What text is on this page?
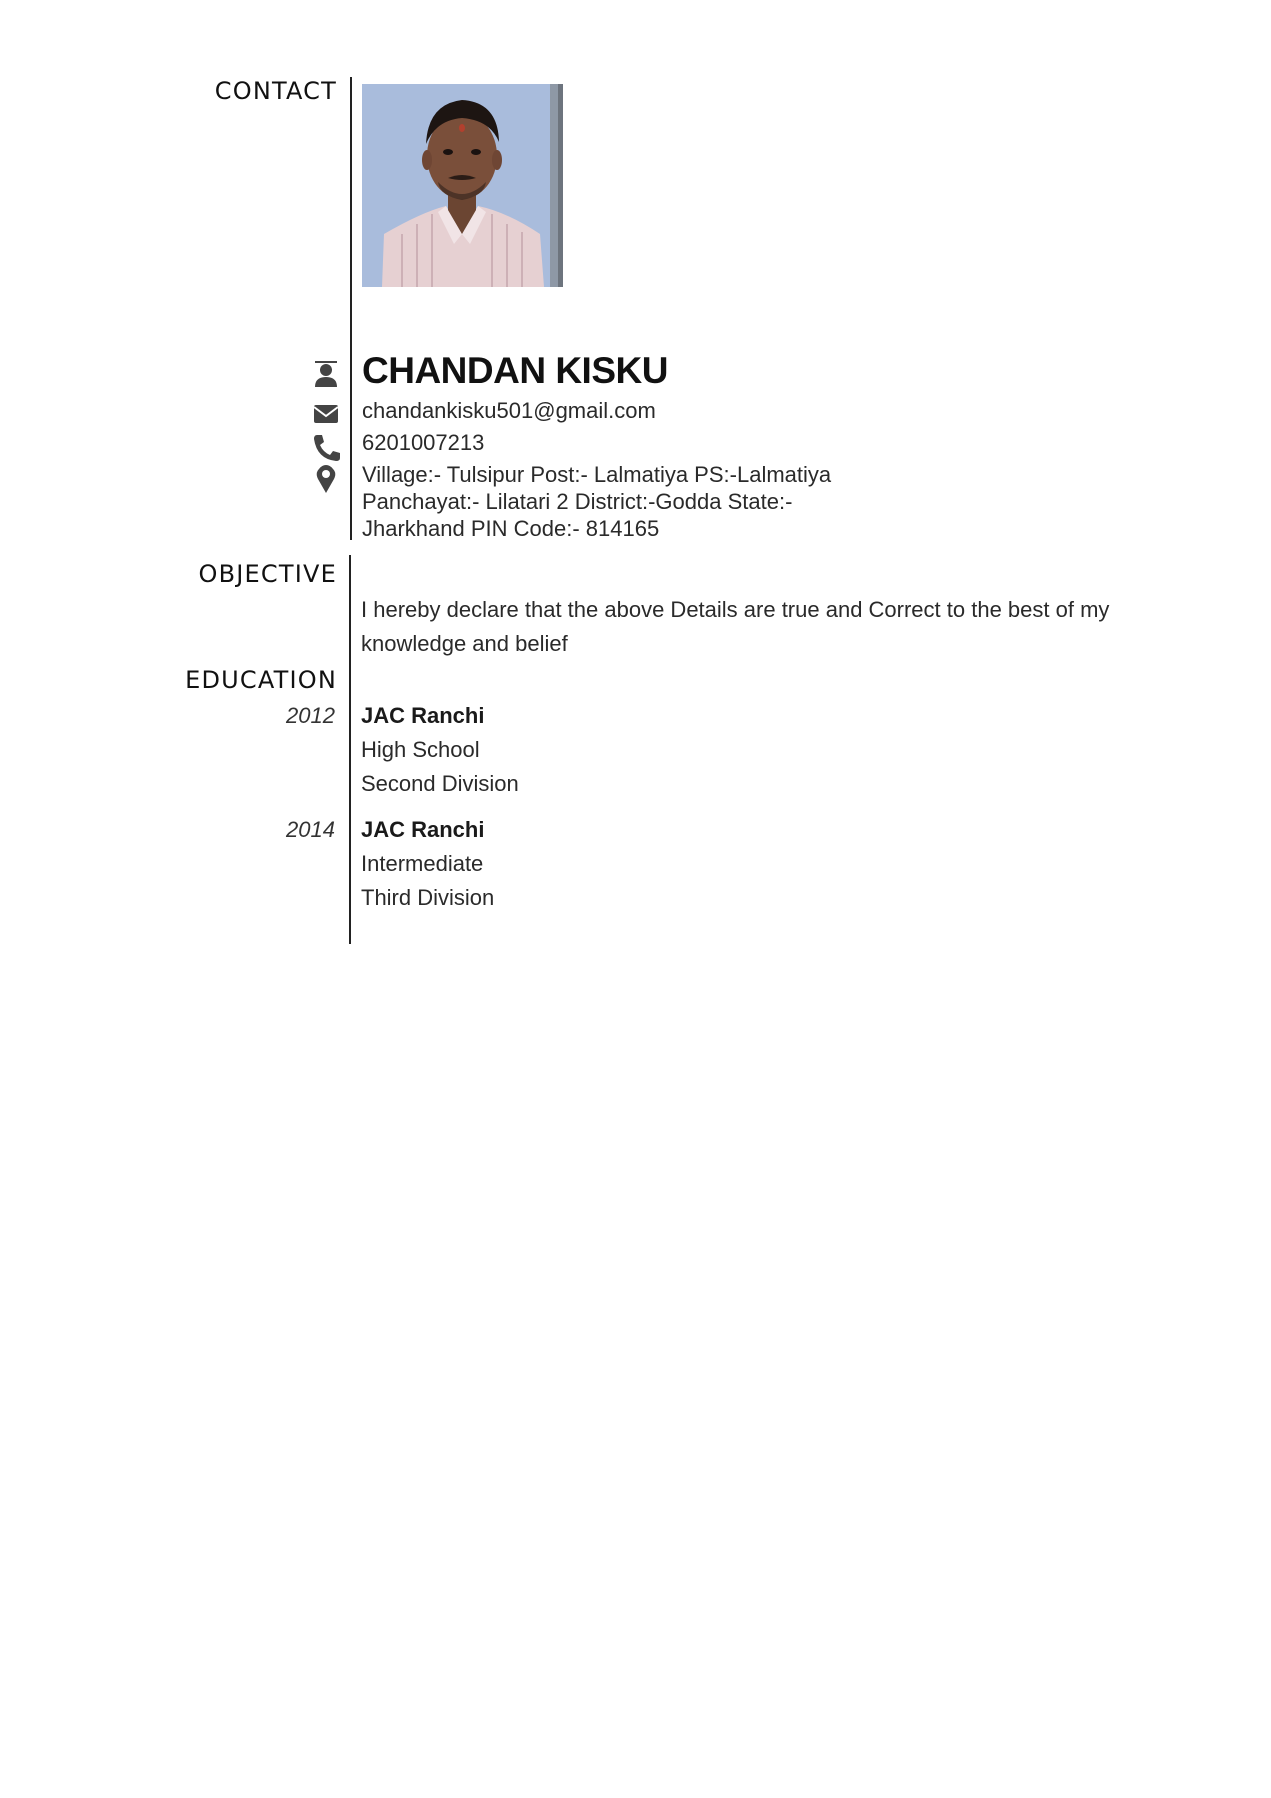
CONTACT
CHANDAN KISKU
chandankisku501@gmail.com
6201007213
Village:- Tulsipur Post:- Lalmatiya PS:-Lalmatiya
Panchayat:- Lilatari 2 District:-Godda State:-
Jharkhand PIN Code:- 814165
OBJECTIVE
I hereby declare that the above Details are true and Correct to the best of my knowledge and belief
EDUCATION
2012 JAC Ranchi
High School
Second Division
2014 JAC Ranchi
Intermediate
Third Division
